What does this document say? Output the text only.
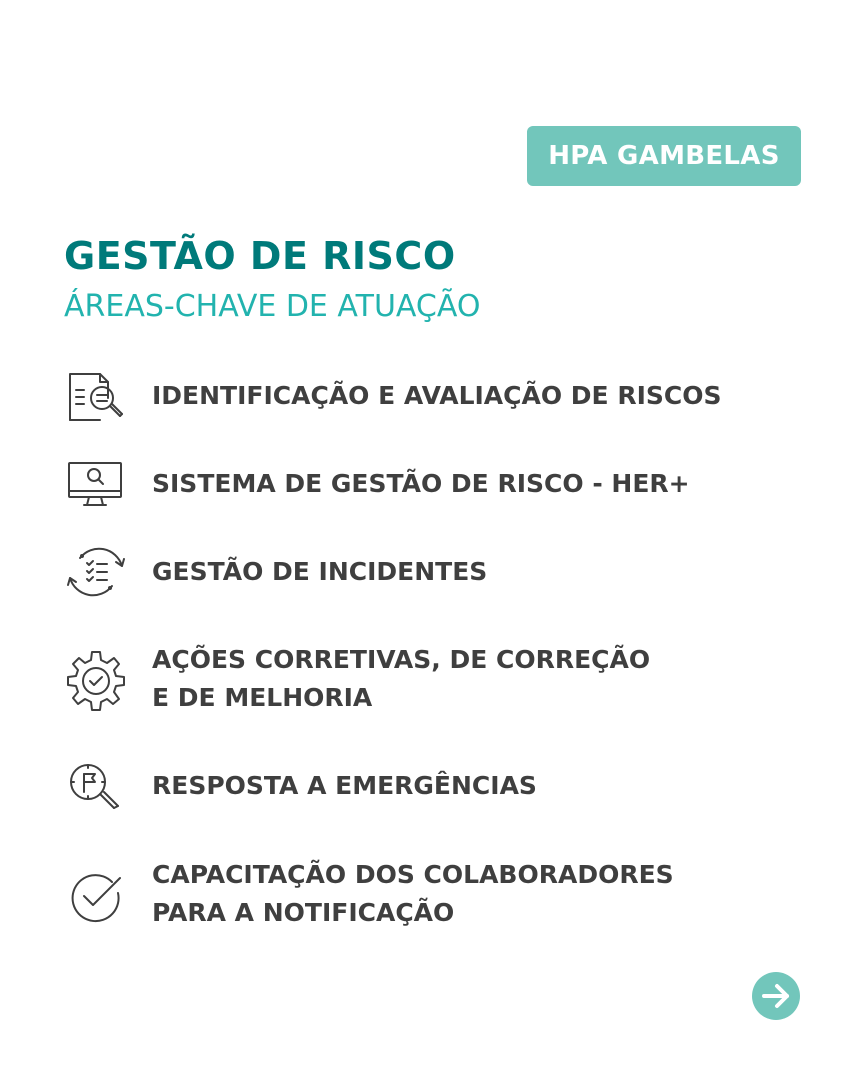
HPA GAMBELAS
GESTÃO DE RISCO
ÁREAS-CHAVE DE ATUAÇÃO
IDENTIFICAÇÃO E AVALIAÇÃO DE RISCOS
SISTEMA DE GESTÃO DE RISCO - HER+
GESTÃO DE INCIDENTES
AÇÕES CORRETIVAS, DE CORREÇÃO
E DE MELHORIA
RESPOSTA A EMERGÊNCIAS
CAPACITAÇÃO DOS COLABORADORES
PARA A NOTIFICAÇÃO
